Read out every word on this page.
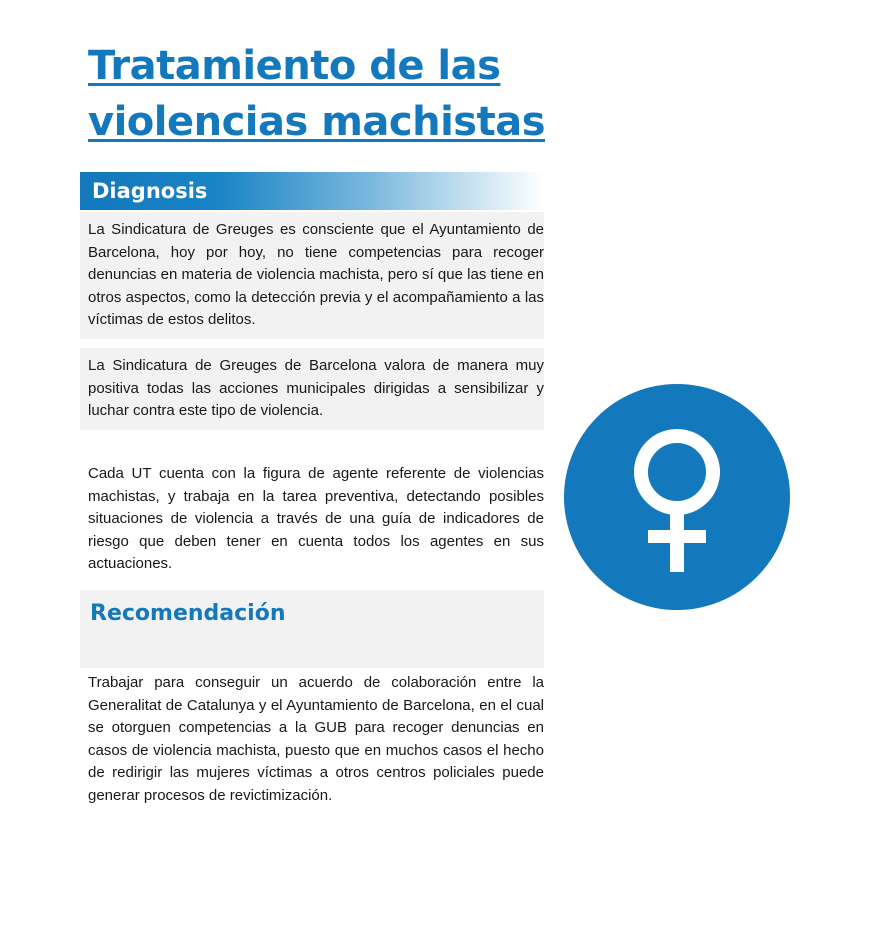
Tratamiento de las
violencias machistas
Diagnosis
La Sindicatura de Greuges es consciente que el Ayuntamiento de Barcelona, hoy por hoy, no tiene competencias para recoger denuncias en materia de violencia machista, pero sí que las tiene en otros aspectos, como la detección previa y el acompañamiento a las víctimas de estos delitos.
La Sindicatura de Greuges de Barcelona valora de manera muy positiva todas las acciones municipales dirigidas a sensibilizar y luchar contra este tipo de violencia.
Cada UT cuenta con la figura de agente referente de violencias machistas, y trabaja en la tarea preventiva, detectando posibles situaciones de violencia a través de una guía de indicadores de riesgo que deben tener en cuenta todos los agentes en sus actuaciones.
Recomendación
Trabajar para conseguir un acuerdo de colaboración entre la Generalitat de Catalunya y el Ayuntamiento de Barcelona, en el cual se otorguen competencias a la GUB para recoger denuncias en casos de violencia machista, puesto que en muchos casos el hecho de redirigir las mujeres víctimas a otros centros policiales puede generar procesos de revictimización.
